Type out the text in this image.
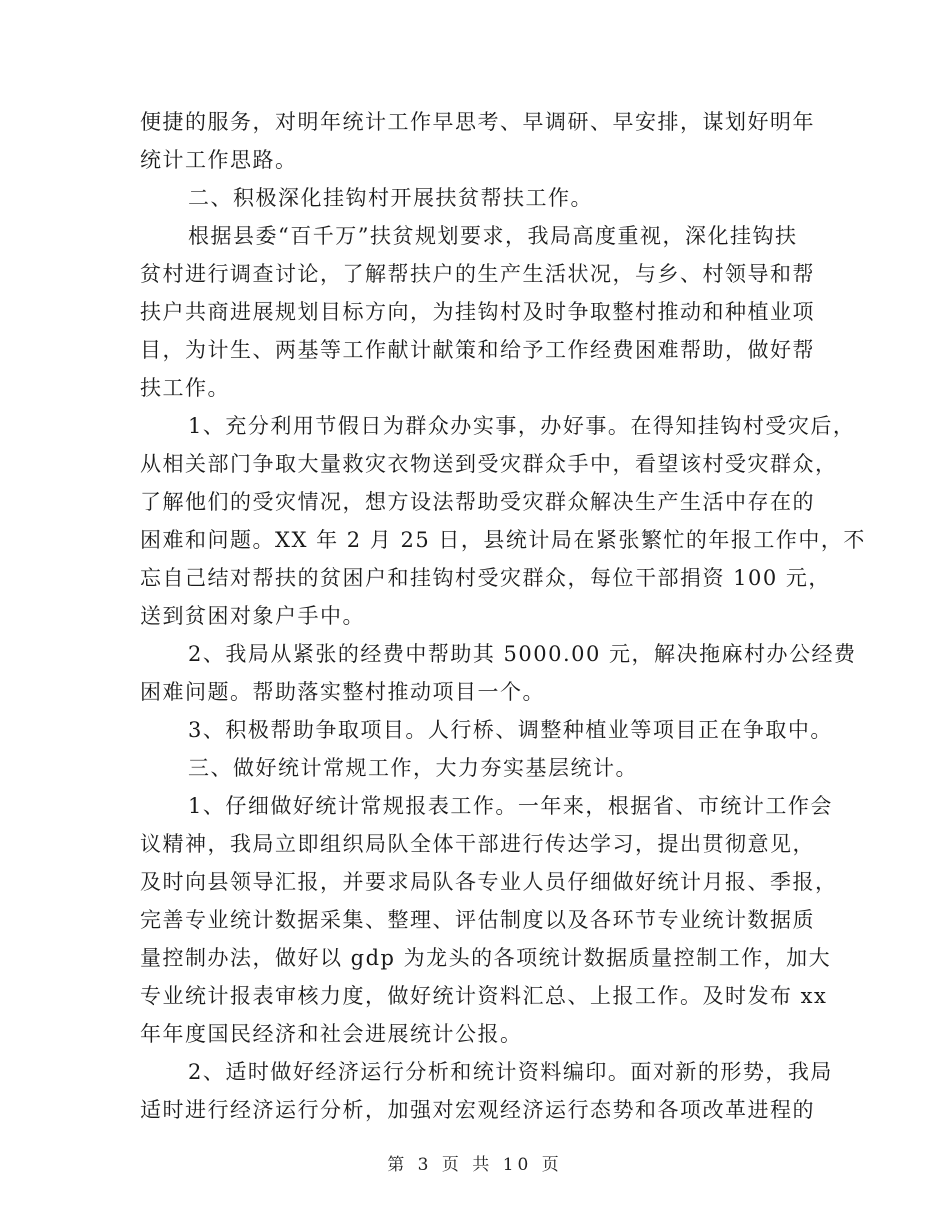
便捷的服务，对明年统计工作早思考、早调研、早安排，谋划好明年
统计工作思路。
二、积极深化挂钩村开展扶贫帮扶工作。
根据县委“百千万”扶贫规划要求，我局高度重视，深化挂钩扶
贫村进行调查讨论，了解帮扶户的生产生活状况，与乡、村领导和帮
扶户共商进展规划目标方向，为挂钩村及时争取整村推动和种植业项
目，为计生、两基等工作献计献策和给予工作经费困难帮助，做好帮
扶工作。
1、充分利用节假日为群众办实事，办好事。在得知挂钩村受灾后，
从相关部门争取大量救灾衣物送到受灾群众手中，看望该村受灾群众，
了解他们的受灾情况，想方设法帮助受灾群众解决生产生活中存在的
困难和问题。XX 年 2 月 25 日，县统计局在紧张繁忙的年报工作中，不
忘自己结对帮扶的贫困户和挂钩村受灾群众，每位干部捐资 100 元，
送到贫困对象户手中。
2、我局从紧张的经费中帮助其 5000.00 元，解决拖麻村办公经费
困难问题。帮助落实整村推动项目一个。
3、积极帮助争取项目。人行桥、调整种植业等项目正在争取中。
三、做好统计常规工作，大力夯实基层统计。
1、仔细做好统计常规报表工作。一年来，根据省、市统计工作会
议精神，我局立即组织局队全体干部进行传达学习，提出贯彻意见，
及时向县领导汇报，并要求局队各专业人员仔细做好统计月报、季报，
完善专业统计数据采集、整理、评估制度以及各环节专业统计数据质
量控制办法，做好以 gdp 为龙头的各项统计数据质量控制工作，加大
专业统计报表审核力度，做好统计资料汇总、上报工作。及时发布 xx
年年度国民经济和社会进展统计公报。
2、适时做好经济运行分析和统计资料编印。面对新的形势，我局
适时进行经济运行分析，加强对宏观经济运行态势和各项改革进程的
第 3 页 共 10 页
